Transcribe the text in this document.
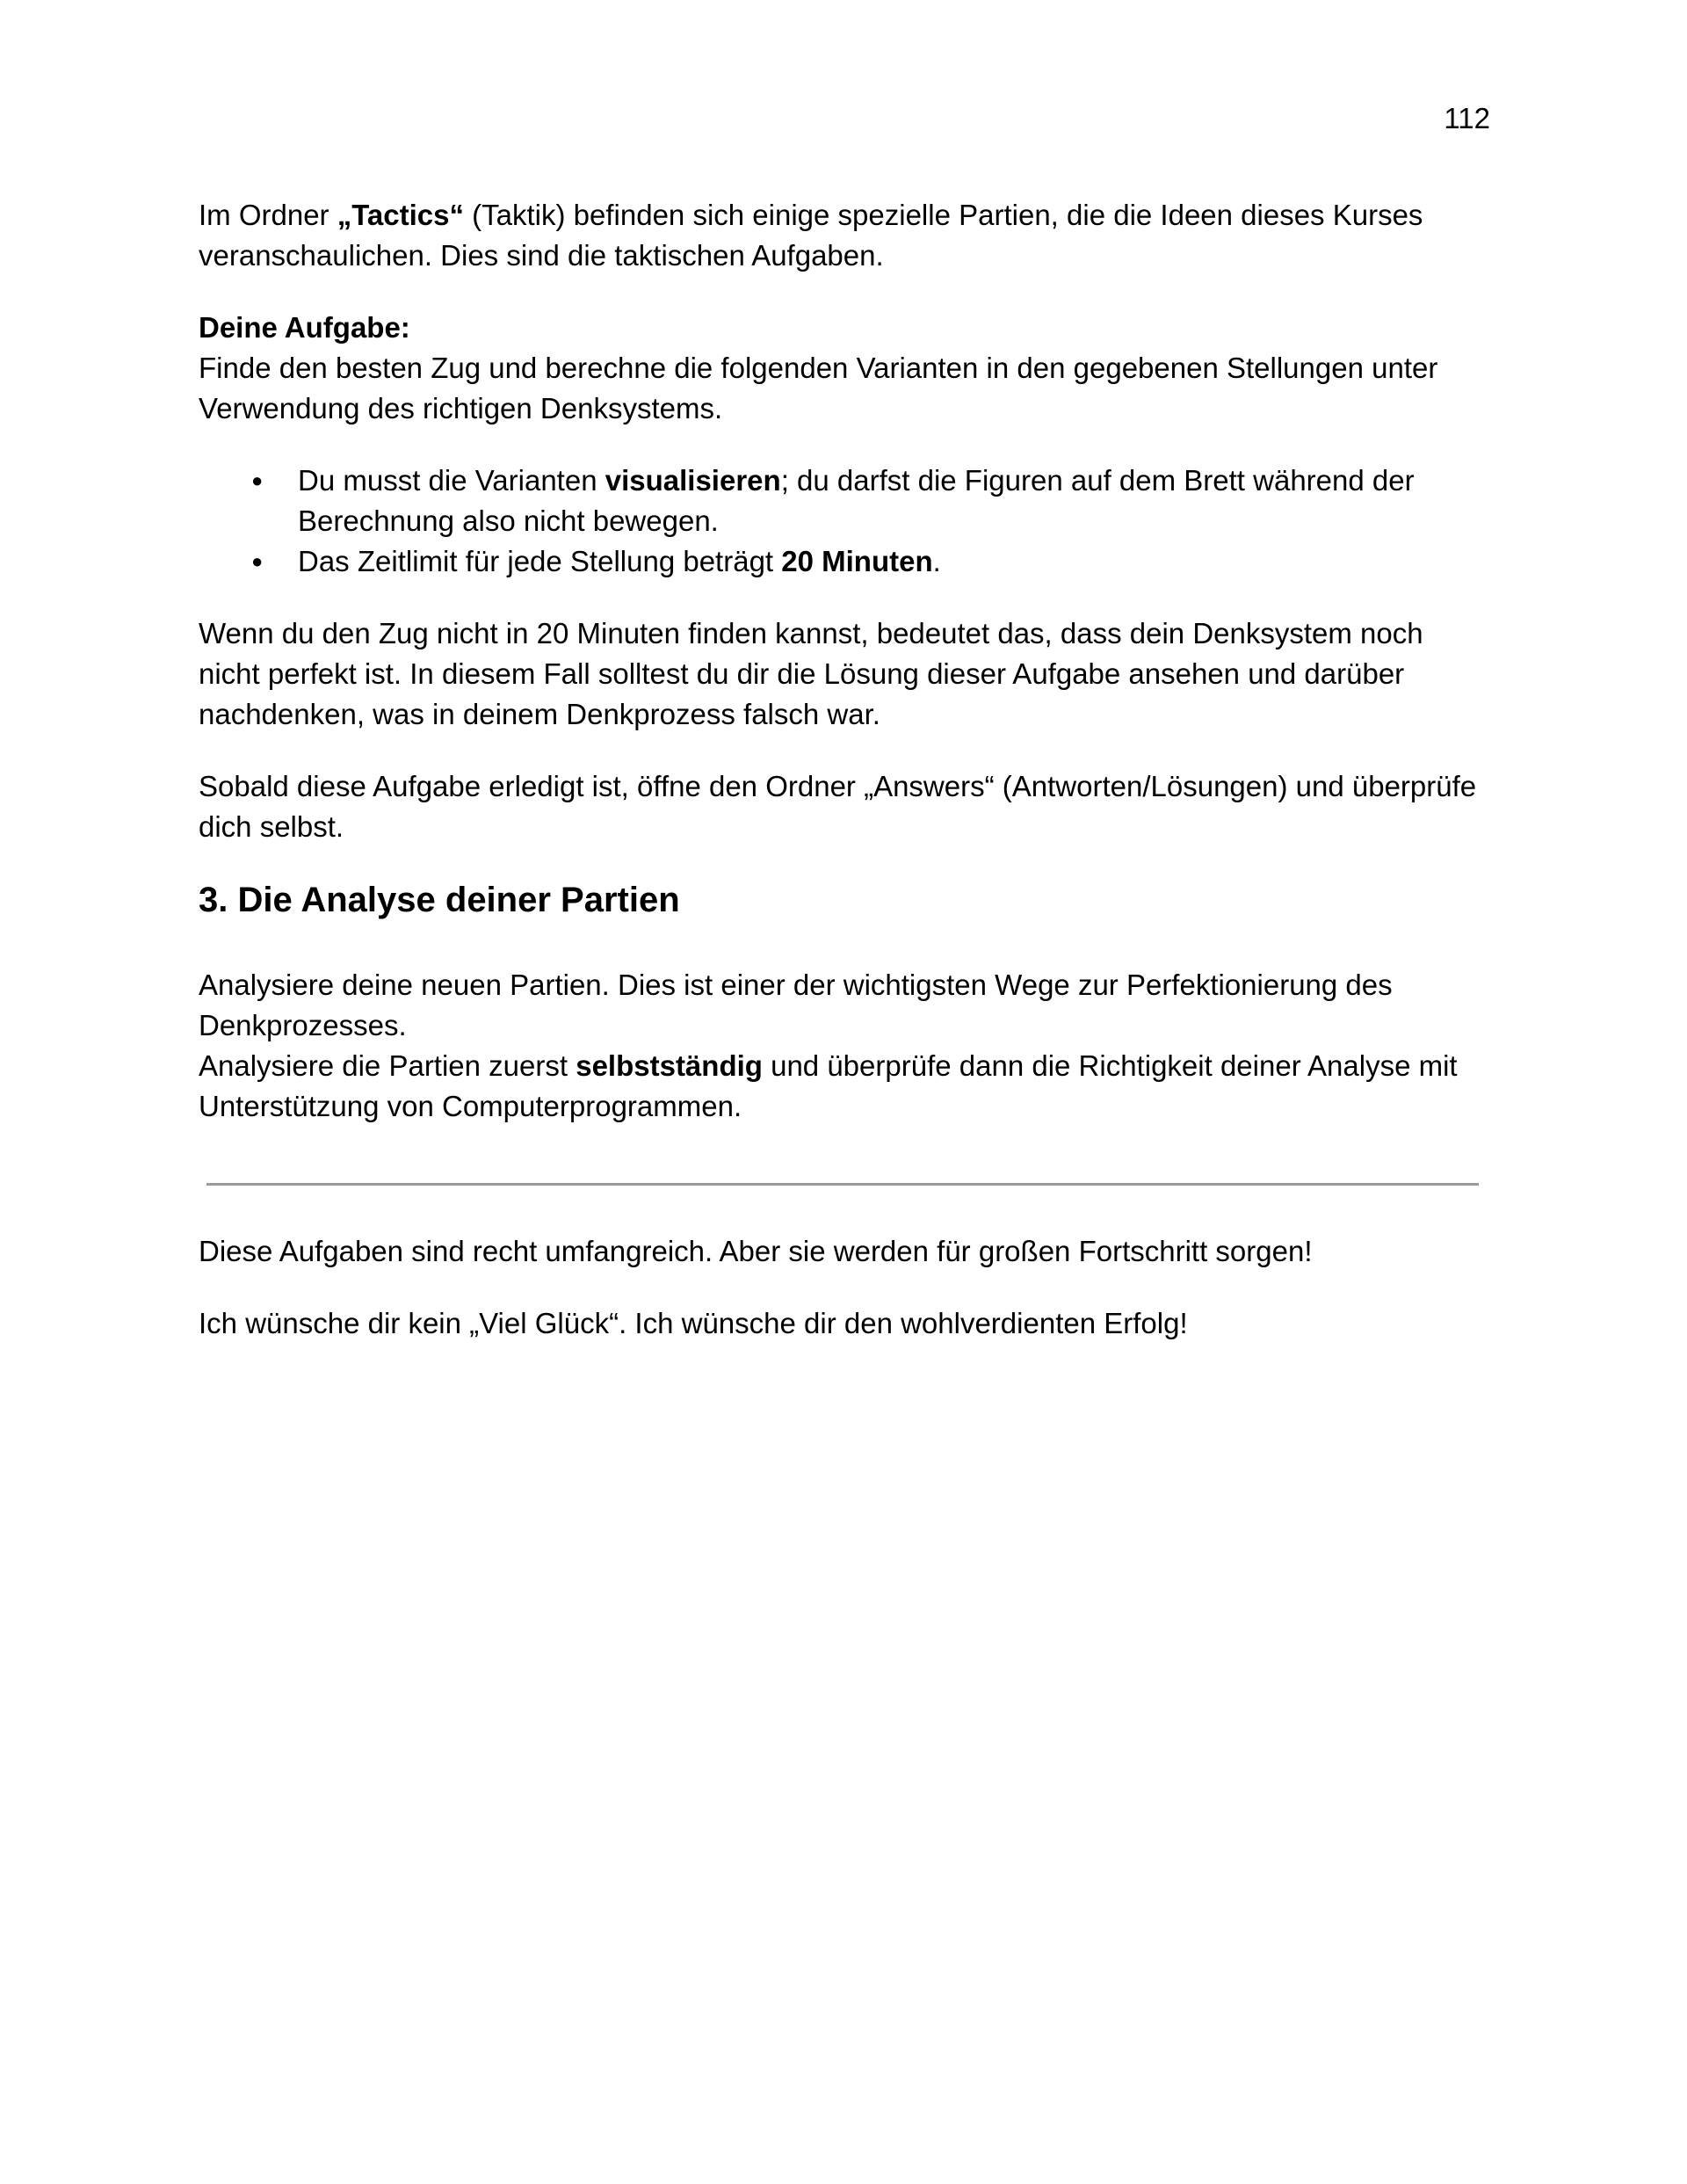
112

Im Ordner „Tactics“ (Taktik) befinden sich einige spezielle Partien, die die Ideen dieses Kurses veranschaulichen. Dies sind die taktischen Aufgaben.

Deine Aufgabe:

Finde den besten Zug und berechne die folgenden Varianten in den gegebenen Stellungen unter Verwendung des richtigen Denksystems.

● Du musst die Varianten visualisieren; du darfst die Figuren auf dem Brett während der Berechnung also nicht bewegen.
● Das Zeitlimit für jede Stellung beträgt 20 Minuten.

Wenn du den Zug nicht in 20 Minuten finden kannst, bedeutet das, dass dein Denksystem noch nicht perfekt ist. In diesem Fall solltest du dir die Lösung dieser Aufgabe ansehen und darüber nachdenken, was in deinem Denkprozess falsch war.

Sobald diese Aufgabe erledigt ist, öffne den Ordner „Answers“ (Antworten/Lösungen) und überprüfe dich selbst.

3. Die Analyse deiner Partien

Analysiere deine neuen Partien. Dies ist einer der wichtigsten Wege zur Perfektionierung des Denkprozesses.

Analysiere die Partien zuerst selbstständig und überprüfe dann die Richtigkeit deiner Analyse mit Unterstützung von Computerprogrammen.

Diese Aufgaben sind recht umfangreich. Aber sie werden für großen Fortschritt sorgen!

Ich wünsche dir kein „Viel Glück“. Ich wünsche dir den wohlverdienten Erfolg!
